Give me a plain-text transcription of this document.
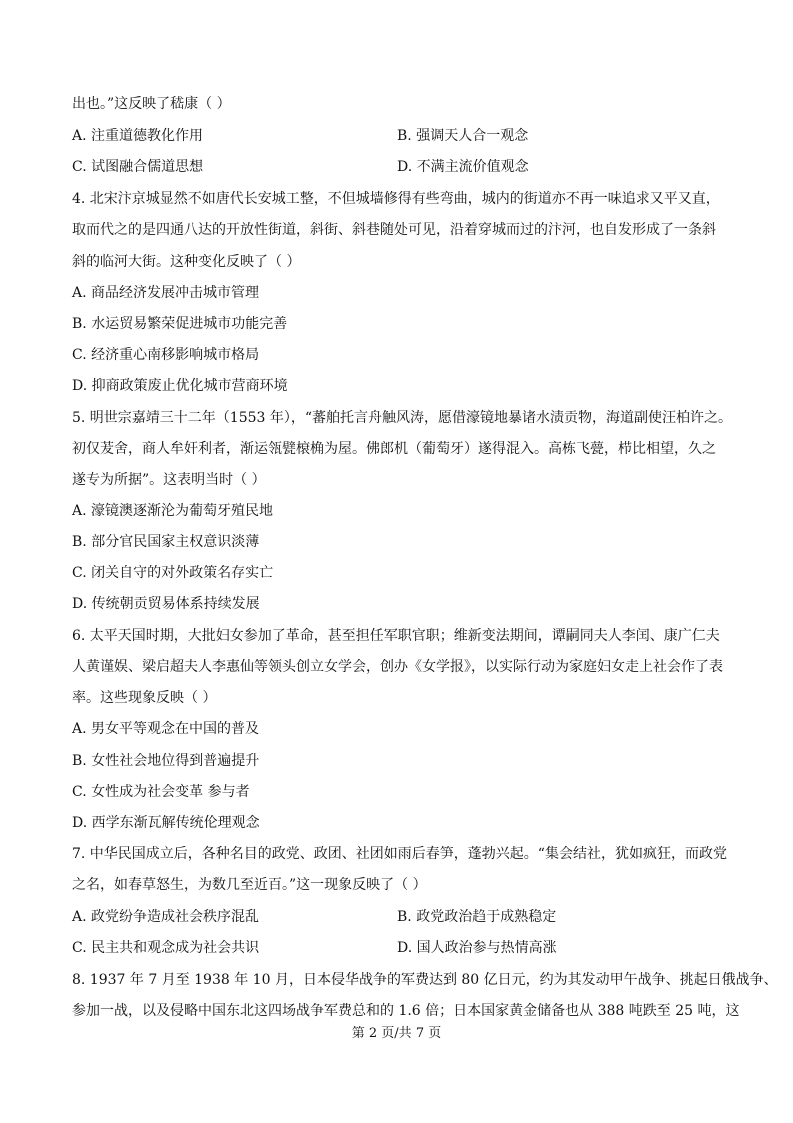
出也。”这反映了嵇康（ ）
A. 注重道德教化作用	B. 强调天人合一观念
C. 试图融合儒道思想	D. 不满主流价值观念
4. 北宋汴京城显然不如唐代长安城工整，不但城墙修得有些弯曲，城内的街道亦不再一味追求又平又直，
取而代之的是四通八达的开放性街道，斜街、斜巷随处可见，沿着穿城而过的汴河，也自发形成了一条斜
斜的临河大街。这种变化反映了（ ）
A. 商品经济发展冲击城市管理
B. 水运贸易繁荣促进城市功能完善
C. 经济重心南移影响城市格局
D. 抑商政策废止优化城市营商环境
5. 明世宗嘉靖三十二年（1553 年），“蕃舶托言舟触风涛，愿借濠镜地暴诸水渍贡物，海道副使汪柏许之。
初仅茇舍，商人牟奸利者，渐运瓴甓榱桷为屋。佛郎机（葡萄牙）遂得混入。高栋飞甍，栉比相望，久之
遂专为所据”。这表明当时（ ）
A. 濠镜澳逐渐沦为葡萄牙殖民地
B. 部分官民国家主权意识淡薄
C. 闭关自守的对外政策名存实亡
D. 传统朝贡贸易体系持续发展
6. 太平天国时期，大批妇女参加了革命，甚至担任军职官职；维新变法期间，谭嗣同夫人李闰、康广仁夫
人黄谨娱、梁启超夫人李惠仙等领头创立女学会，创办《女学报》，以实际行动为家庭妇女走上社会作了表
率。这些现象反映（ ）
A. 男女平等观念在中国的普及
B. 女性社会地位得到普遍提升
C. 女性成为社会变革 参与者
D. 西学东渐瓦解传统伦理观念
7. 中华民国成立后，各种名目的政党、政团、社团如雨后春笋，蓬勃兴起。“集会结社，犹如疯狂，而政党
之名，如春草怒生，为数几至近百。”这一现象反映了（ ）
A. 政党纷争造成社会秩序混乱	B. 政党政治趋于成熟稳定
C. 民主共和观念成为社会共识	D. 国人政治参与热情高涨
8. 1937 年 7 月至 1938 年 10 月，日本侵华战争的军费达到 80 亿日元，约为其发动甲午战争、挑起日俄战争、
参加一战，以及侵略中国东北这四场战争军费总和的 1.6 倍；日本国家黄金储备也从 388 吨跌至 25 吨，这
第 2 页/共 7 页
